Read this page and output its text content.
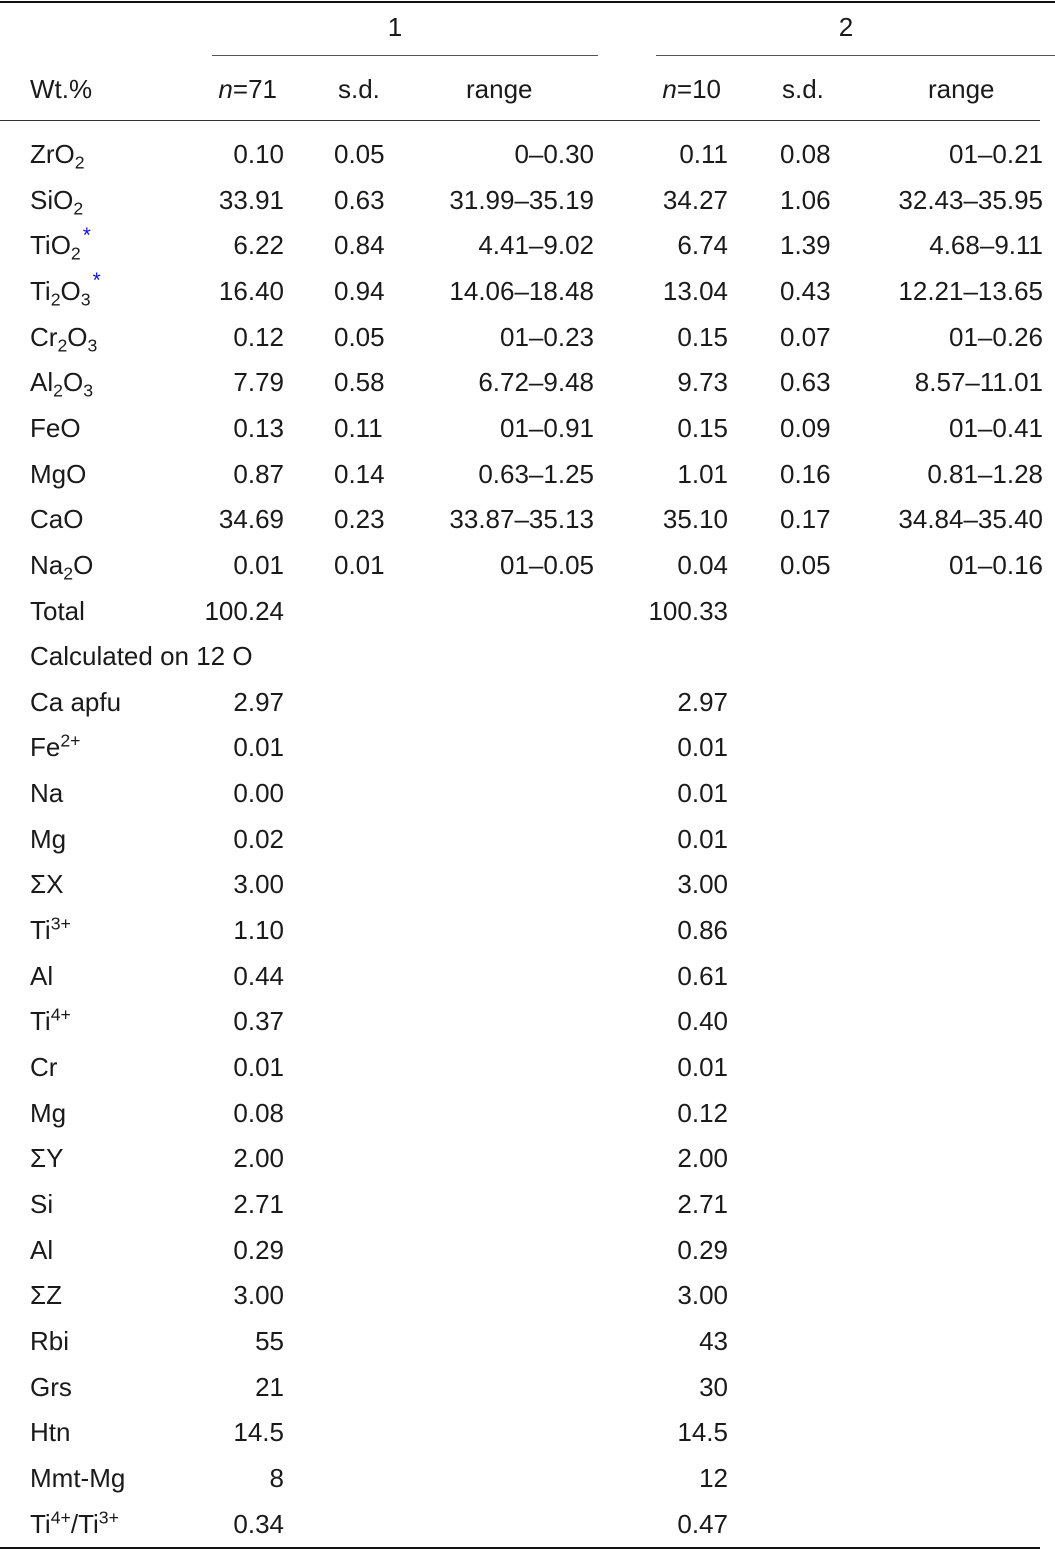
1	2
Wt.%	n=71 s.d.	range	n=10 s.d.	range
ZrO$_2$	0.10 0.05	0–0.30	0.11 0.08	01–0.21
SiO$_2$	33.91 0.63 31.99–35.19	34.27 1.06	32.43–35.95
TiO$_2$*	6.22 0.84	4.41–9.02	6.74 1.39	4.68–9.11
$Ti_2O_3^*$	16.40 0.94 14.06–18.48	13.04 0.43	12.21–13.65
$Cr_2O_3$	0.12 0.05	01–0.23	0.15 0.07	01–0.26
$Al_2O_3$	7.79 0.58	6.72–9.48	9.73 0.63	8.57–11.01
FeO	0.13 0.11	01–0.91	0.15 0.09	01–0.41
MgO	0.87 0.14	0.63–1.25	1.01 0.16	0.81–1.28
CaO	34.69 0.23 33.87–35.13	35.10 0.17	34.84–35.40
$Na_2O$	0.01 0.01	01–0.05	0.04 0.05	01–0.16
Total	100.24	100.33
Calculated on 12 O
Ca apfu	2.97	2.97
$Fe^{2+}$	0.01	0.01
Na	0.00	0.01
Mg	0.02	0.01
ΣX	3.00	3.00
$Ti^{3+}$	1.10	0.86
Al	0.44	0.61
$Ti^{4+}$	0.37	0.40
Cr	0.01	0.01
Mg	0.08	0.12
ΣY	2.00	2.00
Si	2.71	2.71
Al	0.29	0.29
ΣZ	3.00	3.00
Rbi	55	43
Grs	21	30
Htn	14.5	14.5
Mmt-Mg	8	12
$Ti^{4+}/Ti^{3+}$	0.34	0.47
